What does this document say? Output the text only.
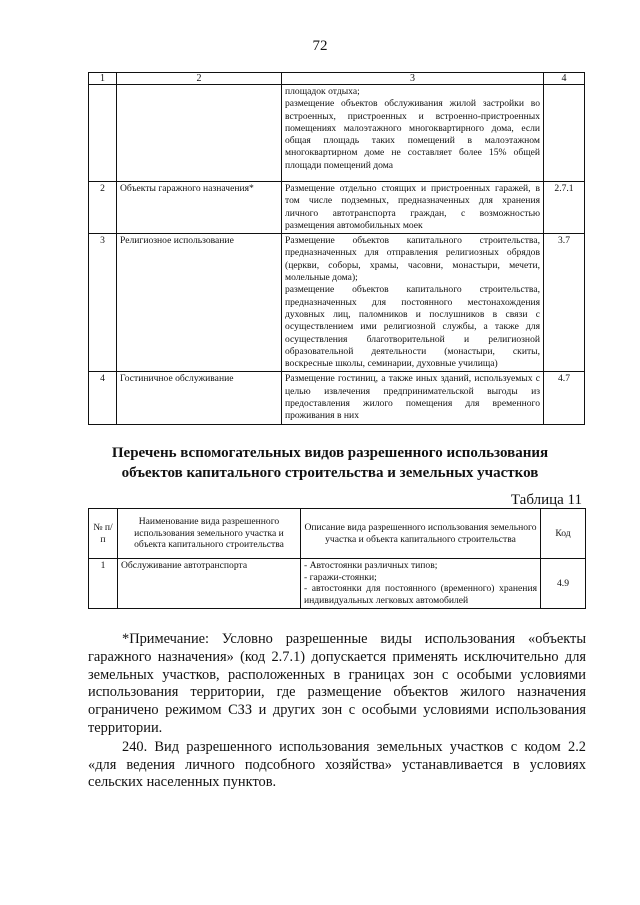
72
1	2	3	4

		площадок отдыха;
размещение объектов обслуживания жилой застройки во встроенных, пристроенных и встроенно-пристроенных помещениях малоэтажного многоквартирного дома, если общая площадь таких помещений в малоэтажном многоквартирном доме не составляет более 15% общей площади помещений дома	

2	Объекты гаражного назначения*	Размещение отдельно стоящих и пристроенных гаражей, в том числе подземных, предназначенных для хранения личного автотранспорта граждан, с возможностью размещения автомобильных моек	2.7.1
3	Религиозное использование	Размещение объектов капитального строительства, предназначенных для отправления религиозных обрядов (церкви, соборы, храмы, часовни, монастыри, мечети, молельные дома);
размещение объектов капитального строительства, предназначенных для постоянного местонахождения духовных лиц, паломников и послушников в связи с осуществлением ими религиозной службы, а также для осуществления благотворительной и религиозной образовательной деятельности (монастыри, скиты, воскресные школы, семинарии, духовные училища)	3.7
4	Гостиничное обслуживание	Размещение гостиниц, а также иных зданий, используемых с целью извлечения предпринимательской выгоды из предоставления жилого помещения для временного проживания в них	4.7
Перечень вспомогательных видов разрешенного использования
объектов капитального строительства и земельных участков
Таблица 11
№ п/п	Наименование вида разрешенного использования земельного участка и объекта капитального строительства	Описание вида разрешенного использования земельного участка и объекта капитального строительства	Код
1	Обслуживание автотранспорта	- Автостоянки различных типов;
- гаражи-стоянки;
- автостоянки для постоянного (временного) хранения индивидуальных легковых автомобилей	4.9

*Примечание: Условно разрешенные виды использования «объекты гаражного назначения» (код 2.7.1) допускается применять исключительно для земельных участков, расположенных в границах зон с особыми условиями использования территории, где размещение объектов жилого назначения ограничено режимом СЗЗ и других зон с особыми условиями использования территории.

240. Вид разрешенного использования земельных участков с кодом 2.2 «для ведения личного подсобного хозяйства» устанавливается в условиях сельских населенных пунктов.
